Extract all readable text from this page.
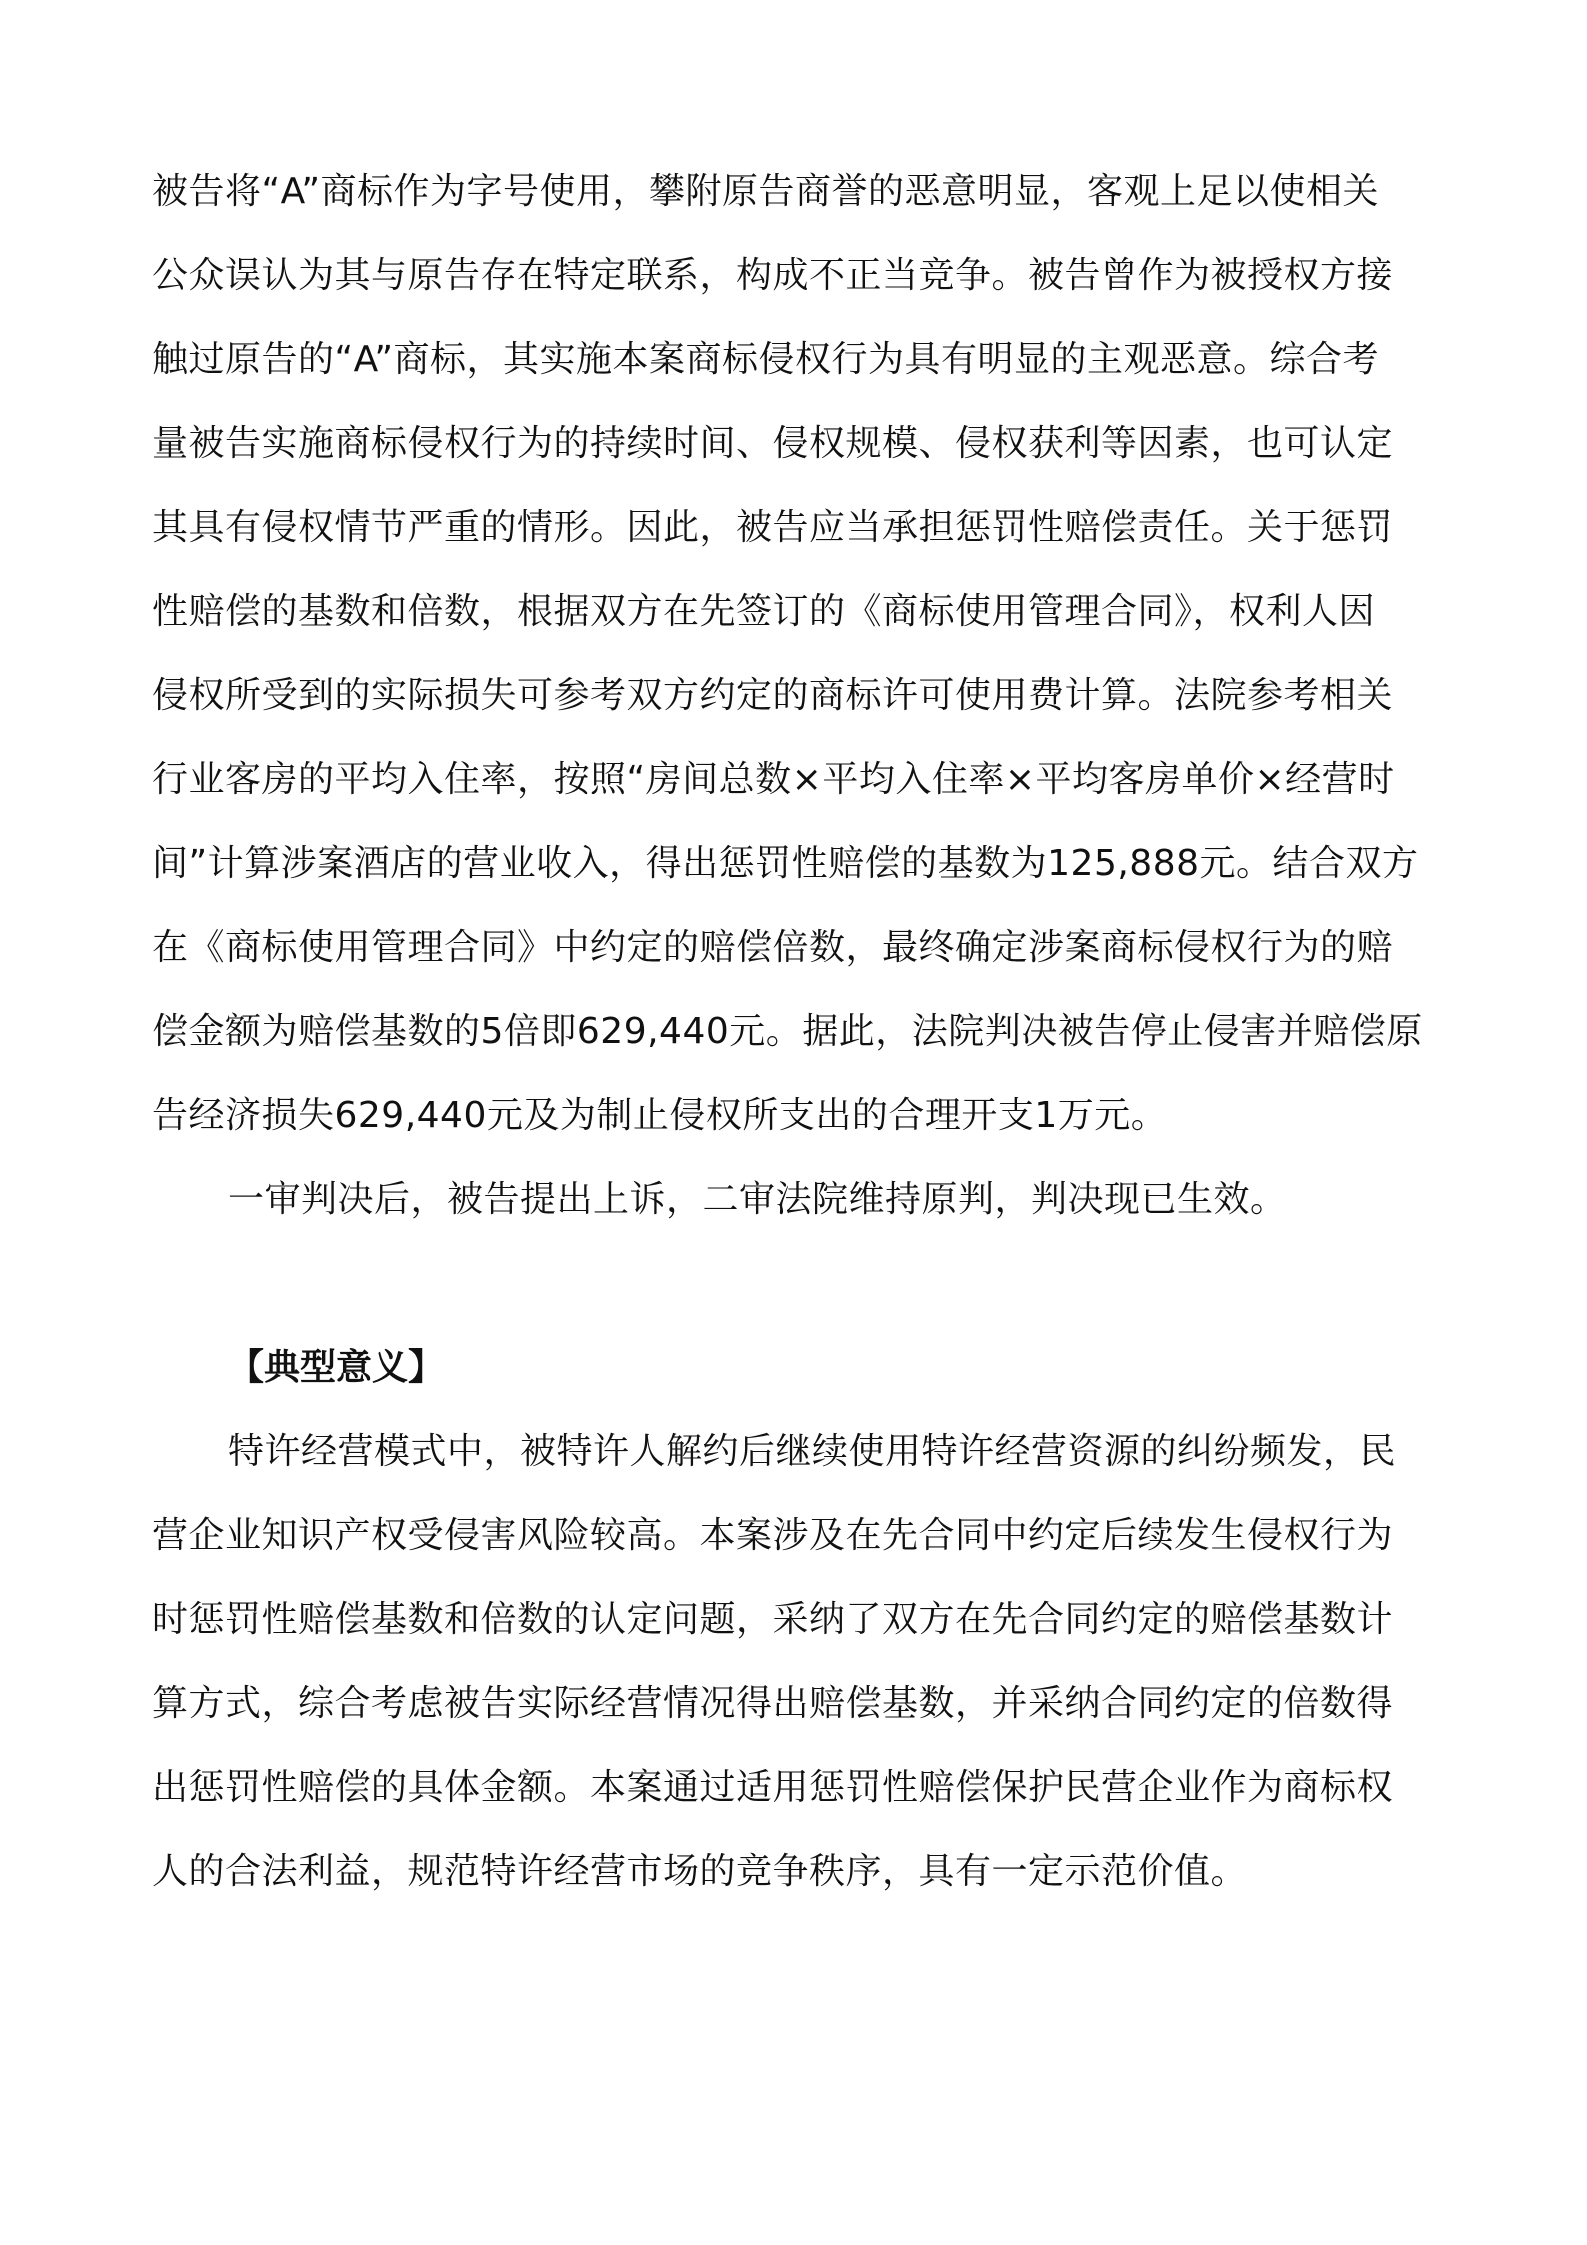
被告将“A”商标作为字号使用，攀附原告商誉的恶意明显，客观上足以使相关
公众误认为其与原告存在特定联系，构成不正当竞争。被告曾作为被授权方接
触过原告的“A”商标，其实施本案商标侵权行为具有明显的主观恶意。综合考
量被告实施商标侵权行为的持续时间、侵权规模、侵权获利等因素，也可认定
其具有侵权情节严重的情形。因此，被告应当承担惩罚性赔偿责任。关于惩罚
性赔偿的基数和倍数，根据双方在先签订的《商标使用管理合同》，权利人因
侵权所受到的实际损失可参考双方约定的商标许可使用费计算。法院参考相关
行业客房的平均入住率，按照“房间总数×平均入住率×平均客房单价×经营时
间”计算涉案酒店的营业收入，得出惩罚性赔偿的基数为125,888元。结合双方
在《商标使用管理合同》中约定的赔偿倍数，最终确定涉案商标侵权行为的赔
偿金额为赔偿基数的5倍即629,440元。据此，法院判决被告停止侵害并赔偿原
告经济损失629,440元及为制止侵权所支出的合理开支1万元。

一审判决后，被告提出上诉，二审法院维持原判，判决现已生效。

【典型意义】

特许经营模式中，被特许人解约后继续使用特许经营资源的纠纷频发，民
营企业知识产权受侵害风险较高。本案涉及在先合同中约定后续发生侵权行为
时惩罚性赔偿基数和倍数的认定问题，采纳了双方在先合同约定的赔偿基数计
算方式，综合考虑被告实际经营情况得出赔偿基数，并采纳合同约定的倍数得
出惩罚性赔偿的具体金额。本案通过适用惩罚性赔偿保护民营企业作为商标权
人的合法利益，规范特许经营市场的竞争秩序，具有一定示范价值。
